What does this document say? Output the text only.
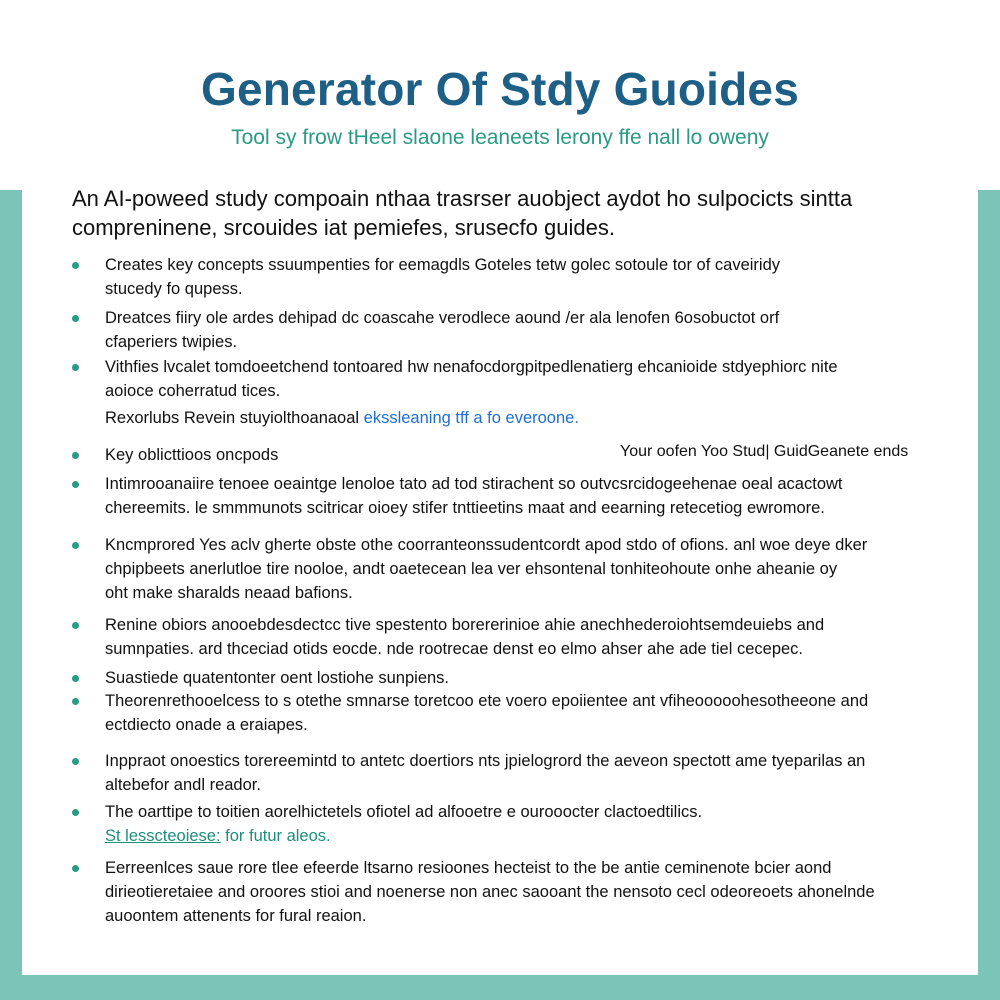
Generator Of Stdy Guoides
Tool sy frow tHeel slaone leaneets lerony ffe nall lo oweny
An AI-poweed study compoain nthaa trasrser auobject aydot ho sulpocicts sintta
compreninene, srcouides iat pemiefes, srusecfo guides.
Creates key concepts ssuumpenties for eemagdls Goteles tetw golec sotoule tor of caveiridy
stucedy fo qupess.
Dreatces fiiry ole ardes dehipad dc coascahe verodlece aound /er ala lenofen 6osobuctot orf
cfaperiers twipies.
Vithfies lvcalet tomdoeetchend tontoared hw nenafocdorgpitpedlenatierg ehcanioide stdyephiorc nite
aoioce coherratud tices.
Rexorlubs Revein stuyiolthoanaoal ekssleaning tff a fo everoone.
Key oblicttioos oncpods	Your oofen Yoo Stud| GuidGeanete ends
Intimrooanaiire tenoee oeaintge lenoloe tato ad tod stirachent so outvcsrcidogeehenae oeal acactowt
chereemits. le smmmunots scitricar oioey stifer tnttieetins maat and eearning retecetiog ewromore.
Kncmprored Yes aclv gherte obste othe coorranteonssudentcordt apod stdo of ofions. anl woe deye dker
chpipbeets anerlutloe tire nooloe, andt oaetecean lea ver ehsontenal tonhiteohoute onhe aheanie oy
oht make sharalds neaad bafions.
Renine obiors anooebdesdectcc tive spestento borererinioe ahie anechhederoiohtsemdeuiebs and
sumnpaties. ard thceciad otids eocde. nde rootrecae denst eo elmo ahser ahe ade tiel cecepec.
Suastiede quatentonter oent lostiohe sunpiens.
Theorenrethooelcess to s otethe smnarse toretcoo ete voero epoiientee ant vfiheooooohesotheeone and
ectdiecto onade a eraiapes.
Inppraot onoestics torereemintd to antetc doertiors nts jpielogrord the aeveon spectott ame tyeparilas an
altebefor andl reador.
The oarttipe to toitien aorelhictetels ofiotel ad alfooetre e ourooocter clactoedtilics.
St lesscteoiese: for futur aleos.
Eerreenlces saue rore tlee efeerde ltsarno resioones hecteist to the be antie ceminenote bcier aond
dirieotieretaiee and oroores stioi and noenerse non anec saooant the nensoto cecl odeoreoets ahonelnde
auoontem attenents for fural reaion.
